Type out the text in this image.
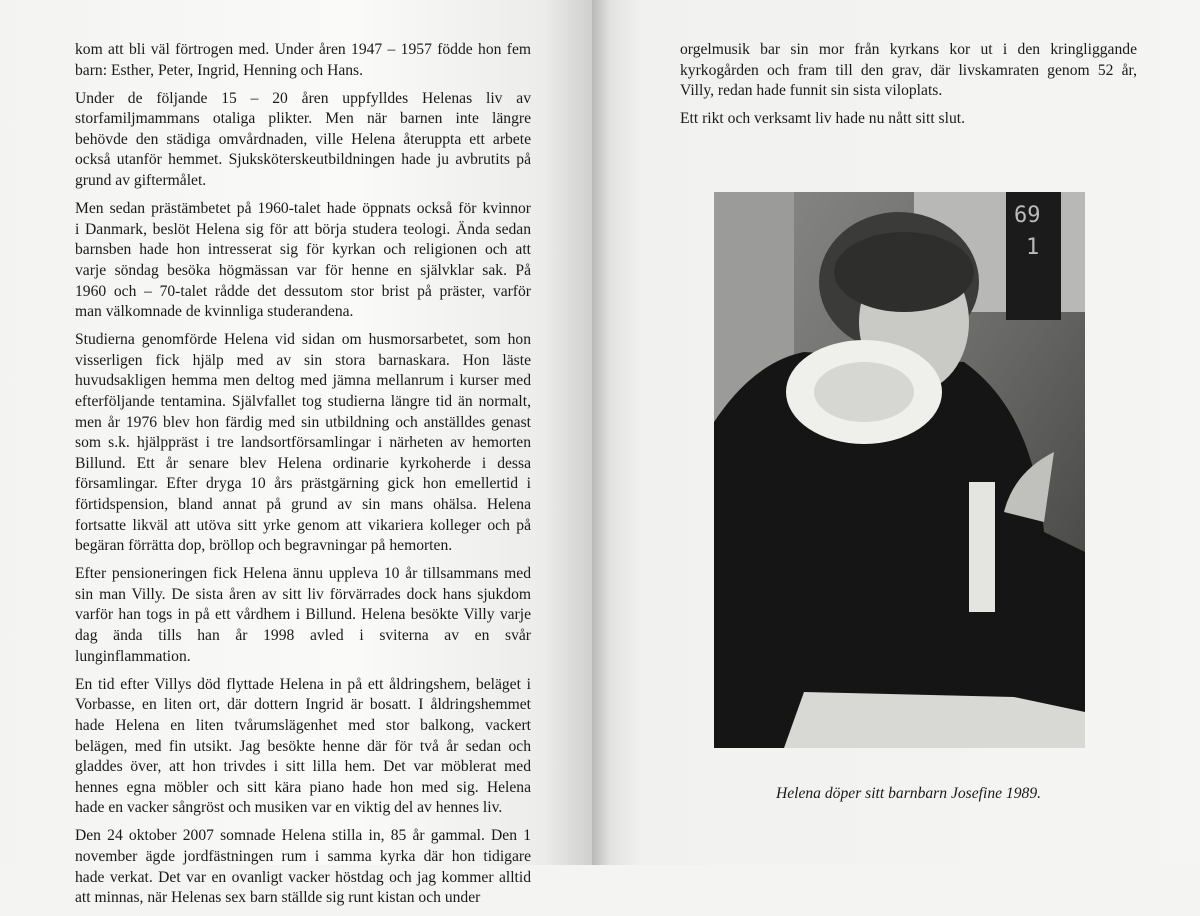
kom att bli väl förtrogen med. Under åren 1947 – 1957 födde hon fem
barn: Esther, Peter, Ingrid, Henning och Hans.
Under de följande 15 – 20 åren uppfylldes Helenas liv av
storfamiljmammans otaliga plikter. Men när barnen inte längre
behövde den städiga omvårdnaden, ville Helena återuppta ett arbete
också utanför hemmet. Sjuksköterskeutbildningen hade ju avbrutits på
grund av giftermålet.
Men sedan prästämbetet på 1960-talet hade öppnats också för kvinnor
i Danmark, beslöt Helena sig för att börja studera teologi. Ända sedan
barnsben hade hon intresserat sig för kyrkan och religionen och att
varje söndag besöka högmässan var för henne en självklar sak. På
1960 och – 70-talet rådde det dessutom stor brist på präster, varför
man välkomnade de kvinnliga studerandena.
Studierna genomförde Helena vid sidan om husmorsarbetet, som hon
visserligen fick hjälp med av sin stora barnaskara. Hon läste
huvudsakligen hemma men deltog med jämna mellanrum i kurser med
efterföljande tentamina. Självfallet tog studierna längre tid än normalt,
men år 1976 blev hon färdig med sin utbildning och anställdes genast
som s.k. hjälppräst i tre landsortförsamlingar i närheten av hemorten
Billund. Ett år senare blev Helena ordinarie kyrkoherde i dessa
församlingar. Efter dryga 10 års prästgärning gick hon emellertid i
förtidspension, bland annat på grund av sin mans ohälsa. Helena
fortsatte likväl att utöva sitt yrke genom att vikariera kolleger och på
begäran förrätta dop, bröllop och begravningar på hemorten.
Efter pensioneringen fick Helena ännu uppleva 10 år tillsammans med
sin man Villy. De sista åren av sitt liv förvärrades dock hans sjukdom
varför han togs in på ett vårdhem i Billund. Helena besökte Villy varje
dag ända tills han år 1998 avled i sviterna av en svår
lunginflammation.
En tid efter Villys död flyttade Helena in på ett åldringshem, beläget i
Vorbasse, en liten ort, där dottern Ingrid är bosatt. I åldringshemmet
hade Helena en liten tvårumslägenhet med stor balkong, vackert
belägen, med fin utsikt. Jag besökte henne där för två år sedan och
gladdes över, att hon trivdes i sitt lilla hem. Det var möblerat med
hennes egna möbler och sitt kära piano hade hon med sig. Helena
hade en vacker sångröst och musiken var en viktig del av hennes liv.
Den 24 oktober 2007 somnade Helena stilla in, 85 år gammal. Den 1
november ägde jordfästningen rum i samma kyrka där hon tidigare
hade verkat. Det var en ovanligt vacker höstdag och jag kommer alltid
att minnas, när Helenas sex barn ställde sig runt kistan och under
orgelmusik bar sin mor från kyrkans kor ut i den kringliggande
kyrkogården och fram till den grav, där livskamraten genom 52 år,
Villy, redan hade funnit sin sista viloplats.
Ett rikt och verksamt liv hade nu nått sitt slut.
69
1
Helena döper sitt barnbarn Josefine 1989.
